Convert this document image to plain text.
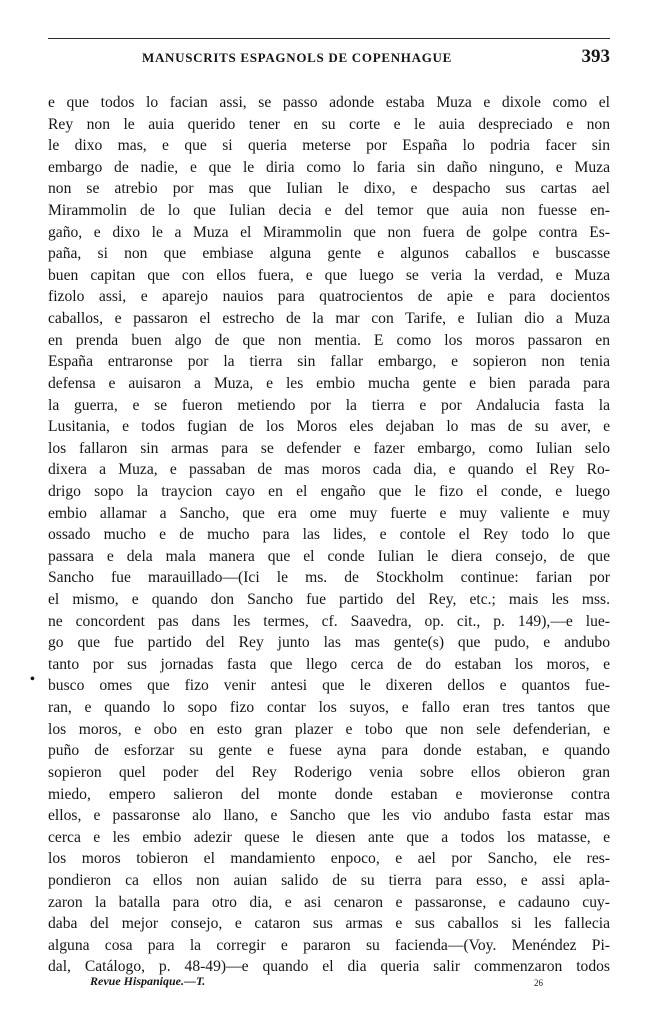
MANUSCRITS ESPAGNOLS DE COPENHAGUE	393
e que todos lo facian assi, se passo adonde estaba Muza e dixole como el
Rey non le auia querido tener en su corte e le auia despreciado e non
le dixo mas, e que si queria meterse por España lo podria facer sin
embargo de nadie, e que le diria como lo faria sin daño ninguno, e Muza
non se atrebio por mas que Iulian le dixo, e despacho sus cartas ael
Mirammolin de lo que Iulian decia e del temor que auia non fuesse en-
gaño, e dixo le a Muza el Mirammolin que non fuera de golpe contra Es-
paña, si non que embiase alguna gente e algunos caballos e buscasse
buen capitan que con ellos fuera, e que luego se veria la verdad, e Muza
fizolo assi, e aparejo nauios para quatrocientos de apie e para docientos
caballos, e passaron el estrecho de la mar con Tarife, e Iulian dio a Muza
en prenda buen algo de que non mentia. E como los moros passaron en
España entraronse por la tierra sin fallar embargo, e sopieron non tenia
defensa e auisaron a Muza, e les embio mucha gente e bien parada para
la guerra, e se fueron metiendo por la tierra e por Andalucia fasta la
Lusitania, e todos fugian de los Moros eles dejaban lo mas de su aver, e
los fallaron sin armas para se defender e fazer embargo, como Iulian selo
dixera a Muza, e passaban de mas moros cada dia, e quando el Rey Ro-
drigo sopo la traycion cayo en el engaño que le fizo el conde, e luego
embio allamar a Sancho, que era ome muy fuerte e muy valiente e muy
ossado mucho e de mucho para las lides, e contole el Rey todo lo que
passara e dela mala manera que el conde Iulian le diera consejo, de que
Sancho fue marauillado—(Ici le ms. de Stockholm continue: farian por
el mismo, e quando don Sancho fue partido del Rey, etc.; mais les mss.
ne concordent pas dans les termes, cf. Saavedra, op. cit., p. 149),—e lue-
go que fue partido del Rey junto las mas gente(s) que pudo, e andubo
tanto por sus jornadas fasta que llego cerca de do estaban los moros, e
busco omes que fizo venir antesi que le dixeren dellos e quantos fue-
ran, e quando lo sopo fizo contar los suyos, e fallo eran tres tantos que
los moros, e obo en esto gran plazer e tobo que non sele defenderian, e
puño de esforzar su gente e fuese ayna para donde estaban, e quando
sopieron quel poder del Rey Roderigo venia sobre ellos obieron gran
miedo, empero salieron del monte donde estaban e movieronse contra
ellos, e passaronse alo llano, e Sancho que les vio andubo fasta estar mas
cerca e les embio adezir quese le diesen ante que a todos los matasse, e
los moros tobieron el mandamiento enpoco, e ael por Sancho, ele res-
pondieron ca ellos non auian salido de su tierra para esso, e assi apla-
zaron la batalla para otro dia, e asi cenaron e passaronse, e cadauno cuy-
daba del mejor consejo, e cataron sus armas e sus caballos si les fallecia
alguna cosa para la corregir e pararon su facienda—(Voy. Menéndez Pi-
dal, Catálogo, p. 48-49)—e quando el dia queria salir commenzaron todos
•
Revue Hispanique.—T.	26
